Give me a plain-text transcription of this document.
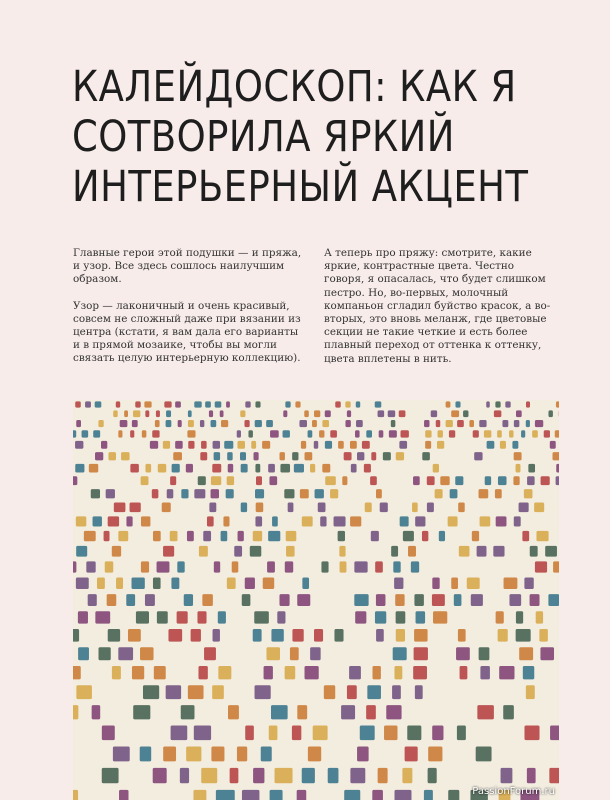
КАЛЕЙДОСКОП: КАК Я
СОТВОРИЛА ЯРКИЙ
ИНТЕРЬЕРНЫЙ АКЦЕНТ

Главные герои этой подушки — и пряжа, и узор. Все здесь сошлось наилучшим образом.

Узор — лаконичный и очень красивый, совсем не сложный даже при вязании из центра (кстати, я вам дала его варианты и в прямой мозаике, чтобы вы могли связать целую интерьерную коллекцию).

А теперь про пряжу: смотрите, какие яркие, контрастные цвета. Честно говоря, я опасалась, что будет слишком пестро. Но, во-первых, молочный компаньон сгладил буйство красок, а во-вторых, это вновь меланж, где цветовые секции не такие четкие и есть более плавный переход от оттенка к оттенку, цвета вплетены в нить.

PassionForum.ru
